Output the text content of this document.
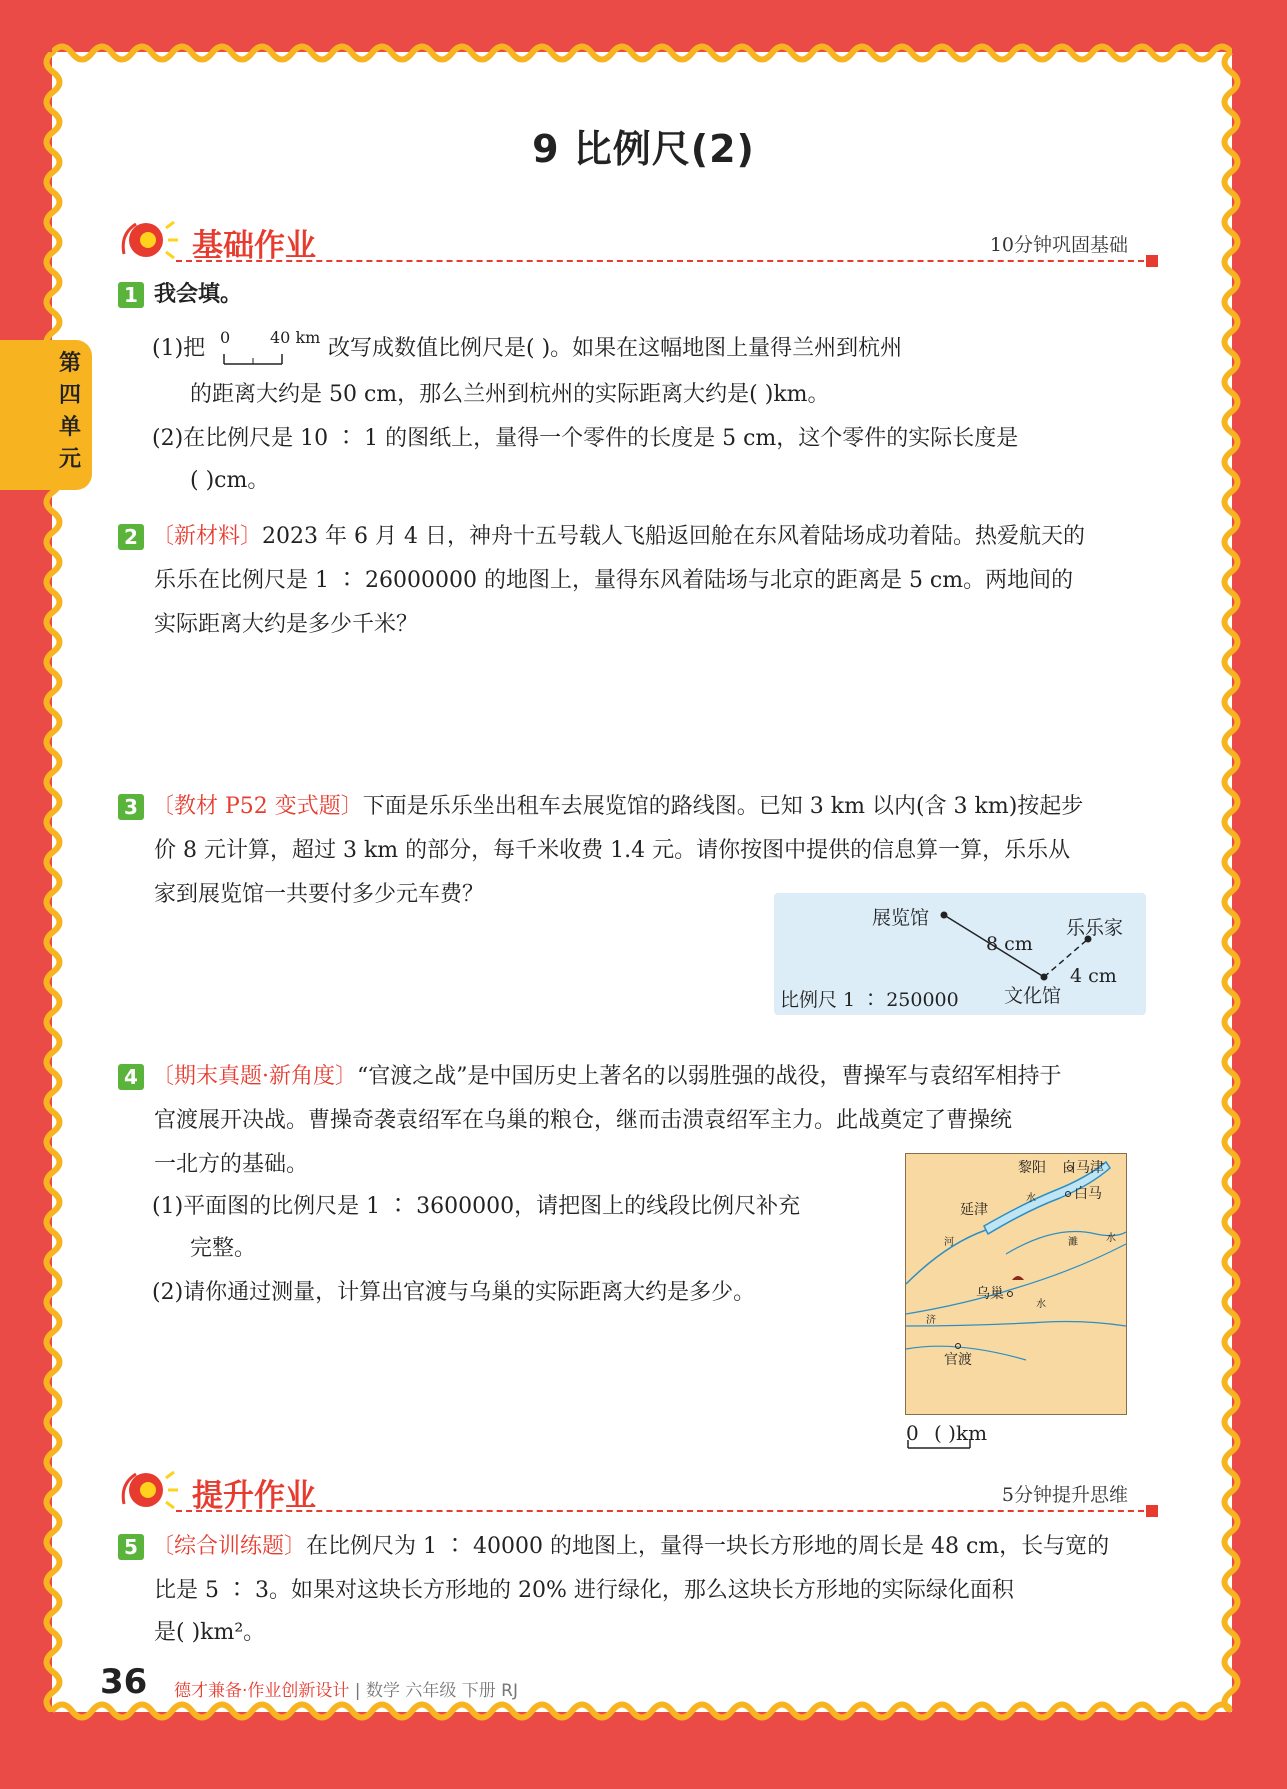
第四单元
9 比例尺(2)
基础作业	10分钟巩固基础
1 我会填。
(1)把 0 40 km 改写成数值比例尺是( )。如果在这幅地图上量得兰州到杭州
的距离大约是 50 cm，那么兰州到杭州的实际距离大约是( )km。
(2)在比例尺是 10 ∶ 1 的图纸上，量得一个零件的长度是 5 cm，这个零件的实际长度是
( )cm。
2 〔新材料〕2023 年 6 月 4 日，神舟十五号载人飞船返回舱在东风着陆场成功着陆。热爱航天的
乐乐在比例尺是 1 ∶ 26000000 的地图上，量得东风着陆场与北京的距离是 5 cm。两地间的
实际距离大约是多少千米？
3 〔教材 P52 变式题〕下面是乐乐坐出租车去展览馆的路线图。已知 3 km 以内(含 3 km)按起步
价 8 元计算，超过 3 km 的部分，每千米收费 1.4 元。请你按图中提供的信息算一算，乐乐从
家到展览馆一共要付多少元车费？
展览馆	乐乐家
8 cm
4 cm
文化馆
比例尺 1 ∶ 250000
4 〔期末真题·新角度〕“官渡之战”是中国历史上著名的以弱胜强的战役，曹操军与袁绍军相持于
官渡展开决战。曹操奇袭袁绍军在乌巢的粮仓，继而击溃袁绍军主力。此战奠定了曹操统
一北方的基础。
(1)平面图的比例尺是 1 ∶ 3600000，请把图上的线段比例尺补充
完整。
(2)请你通过测量，计算出官渡与乌巢的实际距离大约是多少。
黎阳 白马津
白马
延津
乌巢
官渡
河
水
濉	水
济
水
0 ( )km
提升作业	5分钟提升思维
5 〔综合训练题〕在比例尺为 1 ∶ 40000 的地图上，量得一块长方形地的周长是 48 cm，长与宽的
比是 5 ∶ 3。如果对这块长方形地的 20% 进行绿化，那么这块长方形地的实际绿化面积
是( )km²。
36 德才兼备·作业创新设计 | 数学 六年级 下册 RJ
